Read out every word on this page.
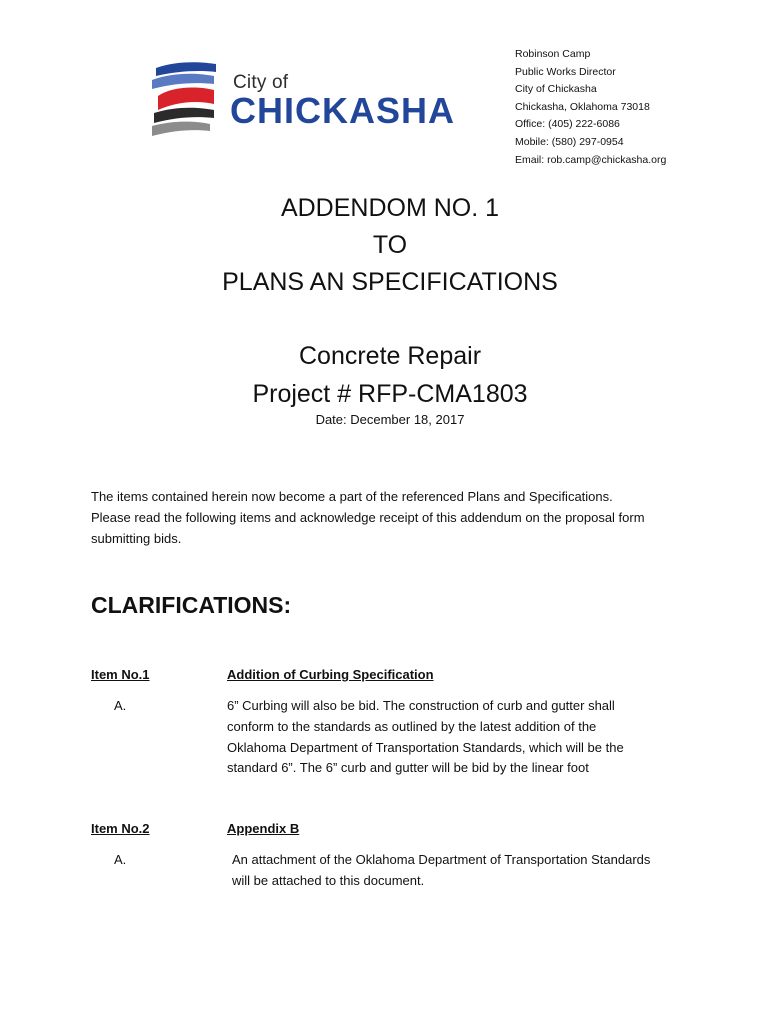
City of
CHICKASHA
Robinson Camp
Public Works Director
City of Chickasha
Chickasha, Oklahoma 73018
Office: (405) 222-6086
Mobile: (580) 297-0954
Email: rob.camp@chickasha.org
ADDENDOM NO. 1
TO
PLANS AN SPECIFICATIONS
Concrete Repair
Project # RFP-CMA1803
Date: December 18, 2017
The items contained herein now become a part of the referenced Plans and Specifications.
Please read the following items and acknowledge receipt of this addendum on the proposal form
submitting bids.
CLARIFICATIONS:
Item No.1	Addition of Curbing Specification
A.	6” Curbing will also be bid. The construction of curb and gutter shall
conform to the standards as outlined by the latest addition of the
Oklahoma Department of Transportation Standards, which will be the
standard 6”. The 6” curb and gutter will be bid by the linear foot
Item No.2	Appendix B
A.	An attachment of the Oklahoma Department of Transportation Standards
will be attached to this document.
